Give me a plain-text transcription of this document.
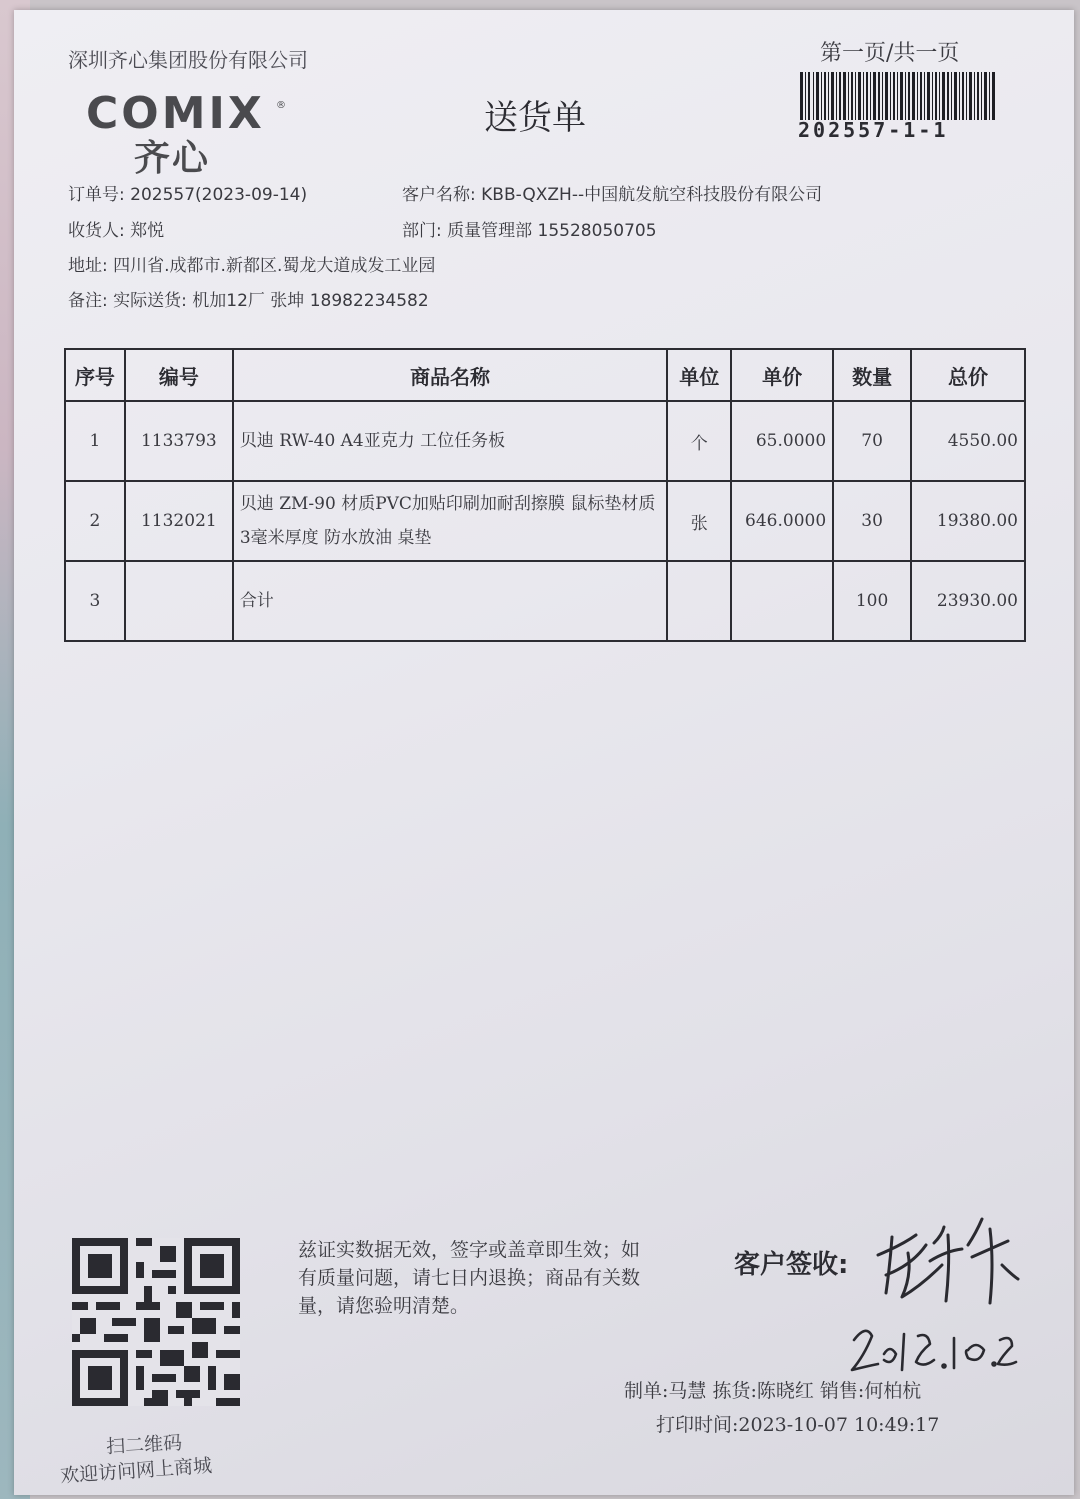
深圳齐心集团股份有限公司
COMIX ®
齐心
送货单
第一页/共一页
202557-1-1
订单号: 202557(2023-09-14)	客户名称: KBB-QXZH--中国航发航空科技股份有限公司
收货人: 郑悦	部门: 质量管理部 15528050705
地址: 四川省.成都市.新都区.蜀龙大道成发工业园
备注: 实际送货: 机加12厂 张坤 18982234582
序号	编号	商品名称	单位	单价	数量	总价
1	1133793	贝迪 RW-40 A4亚克力 工位任务板	个	65.0000	70	4550.00
2	1132021	贝迪 ZM-90 材质PVC加贴印刷加耐刮擦膜 鼠标垫材质 3毫米厚度 防水放油 桌垫	张	646.0000	30	19380.00
3		合计			100	23930.00
扫二维码
欢迎访问网上商城
兹证实数据无效，签字或盖章即生效；如有质量问题，请七日内退换；商品有关数量，请您验明清楚。
客户签收:
制单:马慧 拣货:陈晓红 销售:何柏杭
打印时间:2023-10-07 10:49:17
